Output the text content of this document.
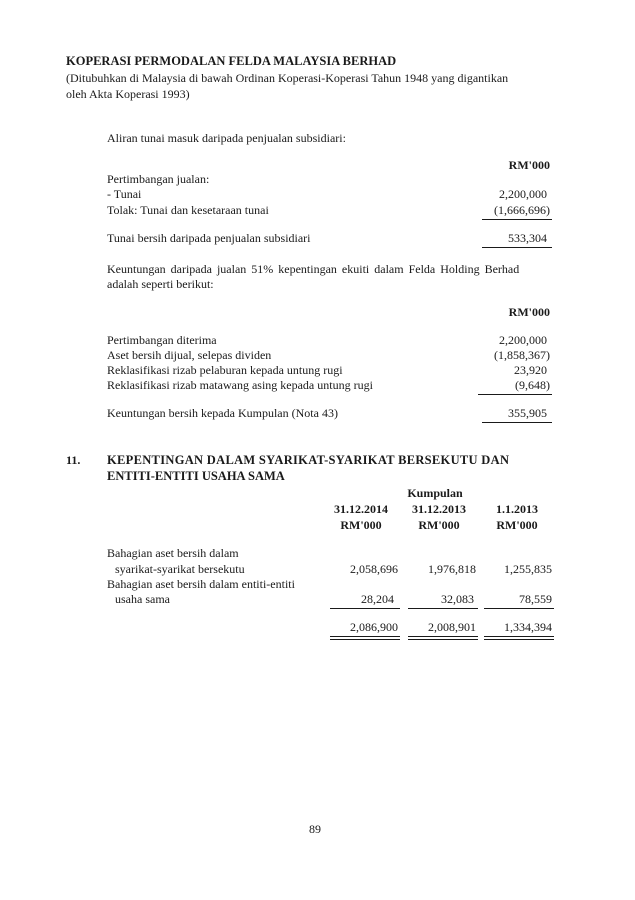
KOPERASI PERMODALAN FELDA MALAYSIA BERHAD
(Ditubuhkan di Malaysia di bawah Ordinan Koperasi-Koperasi Tahun 1948 yang digantikan
oleh Akta Koperasi 1993)
Aliran tunai masuk daripada penjualan subsidiari:
RM'000
Pertimbangan jualan:
- Tunai	2,200,000
Tolak: Tunai dan kesetaraan tunai	(1,666,696)
Tunai bersih daripada penjualan subsidiari	533,304
Keuntungan daripada jualan 51% kepentingan ekuiti dalam Felda Holding Berhad
adalah seperti berikut:
RM'000
Pertimbangan diterima	2,200,000
Aset bersih dijual, selepas dividen	(1,858,367)
Reklasifikasi rizab pelaburan kepada untung rugi	23,920
Reklasifikasi rizab matawang asing kepada untung rugi	(9,648)
Keuntungan bersih kepada Kumpulan (Nota 43)	355,905
11. KEPENTINGAN DALAM SYARIKAT-SYARIKAT BERSEKUTU DAN
ENTITI-ENTITI USAHA SAMA
Kumpulan
31.12.2014	31.12.2013	1.1.2013
RM'000	RM'000	RM'000
Bahagian aset bersih dalam
syarikat-syarikat bersekutu	2,058,696	1,976,818	1,255,835
Bahagian aset bersih dalam entiti-entiti
usaha sama	28,204	32,083	78,559
2,086,900	2,008,901	1,334,394
89
